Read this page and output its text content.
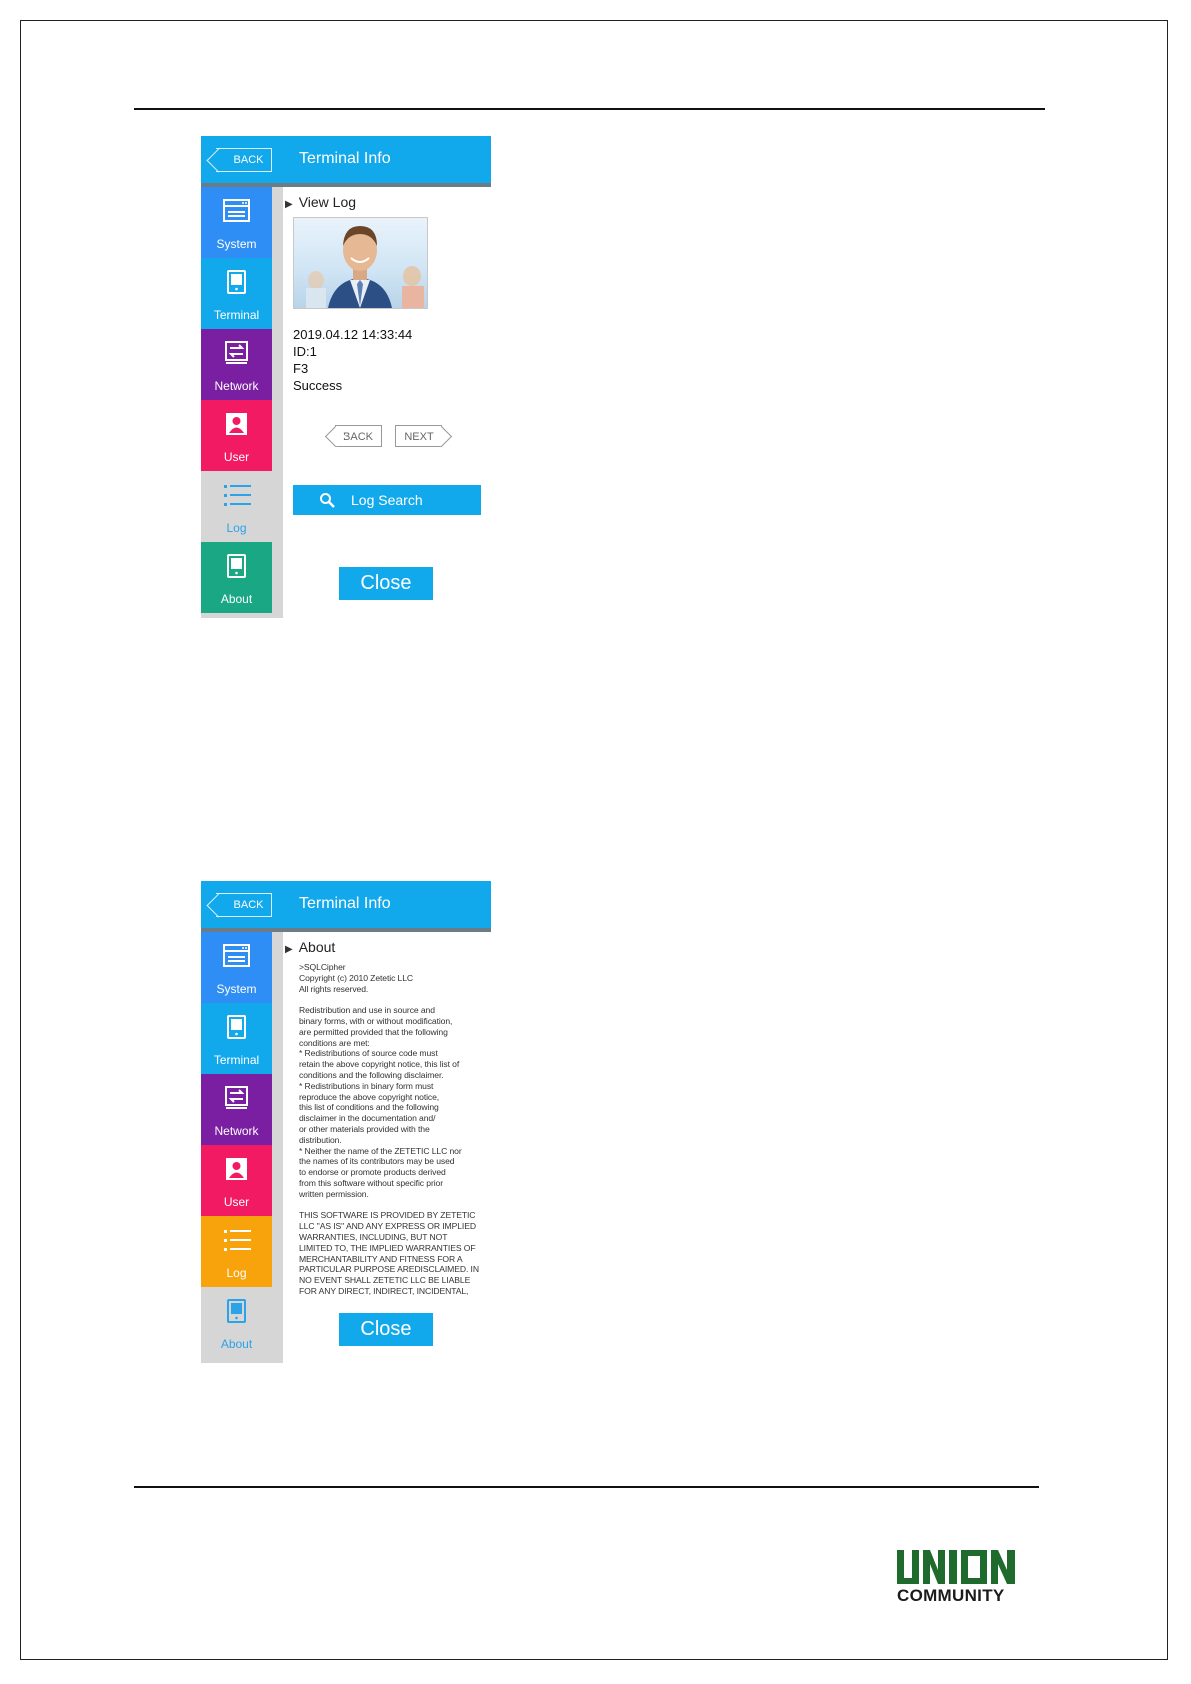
BACK	Terminal Info
System
Terminal
Network
User
Log
About
▶ View Log
2019.04.12 14:33:44
ID:1
F3
Success
BACK	NEXT
Log Search
Close
BACK	Terminal Info
System
Terminal
Network
User
Log
About
▶ About
>SQLCipher
Copyright (c) 2010 Zetetic LLC
All rights reserved.

Redistribution and use in source and
binary forms, with or without modification,
are permitted provided that the following
conditions are met:
* Redistributions of source code must
retain the above copyright notice, this list of
conditions and the following disclaimer.
* Redistributions in binary form must
reproduce the above copyright notice,
this list of conditions and the following
disclaimer in the documentation and/
or other materials provided with the
distribution.
* Neither the name of the ZETETIC LLC nor
the names of its contributors may be used
to endorse or promote products derived
from this software without specific prior
written permission.

THIS SOFTWARE IS PROVIDED BY ZETETIC
LLC "AS IS" AND ANY EXPRESS OR IMPLIED
WARRANTIES, INCLUDING, BUT NOT
LIMITED TO, THE IMPLIED WARRANTIES OF
MERCHANTABILITY AND FITNESS FOR A
PARTICULAR PURPOSE AREDISCLAIMED. IN
NO EVENT SHALL ZETETIC LLC BE LIABLE
FOR ANY DIRECT, INDIRECT, INCIDENTAL,
Close
COMMUNITY
